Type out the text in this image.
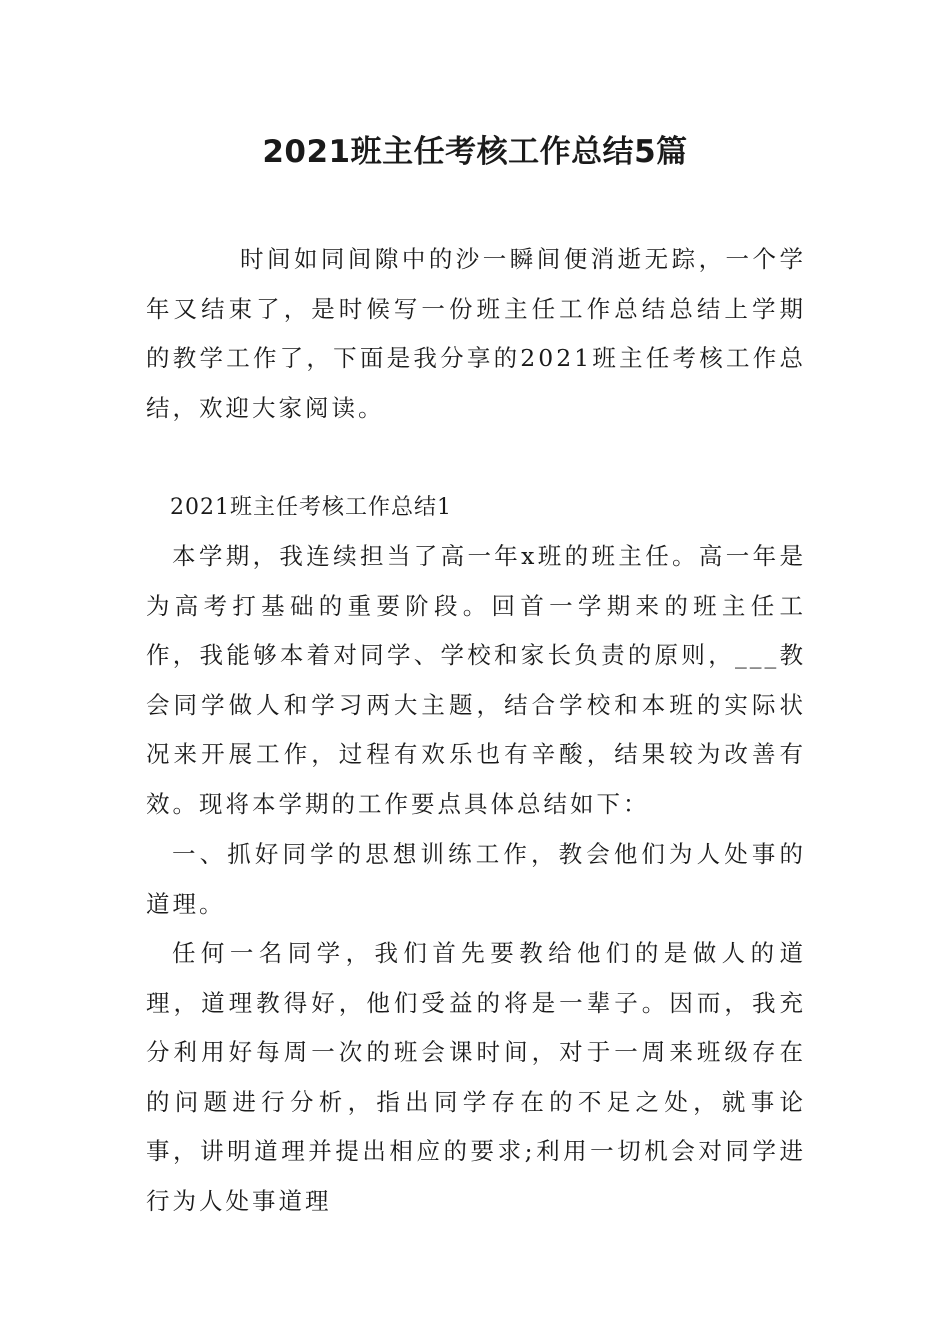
2021班主任考核工作总结5篇

时间如同间隙中的沙一瞬间便消逝无踪，一个学年又结束了，是时候写一份班主任工作总结总结上学期的教学工作了，下面是我分享的2021班主任考核工作总结，欢迎大家阅读。

2021班主任考核工作总结1

本学期，我连续担当了高一年x班的班主任。高一年是为高考打基础的重要阶段。回首一学期来的班主任工作，我能够本着对同学、学校和家长负责的原则，___教会同学做人和学习两大主题，结合学校和本班的实际状况来开展工作，过程有欢乐也有辛酸，结果较为改善有效。现将本学期的工作要点具体总结如下：

一、抓好同学的思想训练工作，教会他们为人处事的道理。

任何一名同学，我们首先要教给他们的是做人的道理，道理教得好，他们受益的将是一辈子。因而，我充分利用好每周一次的班会课时间，对于一周来班级存在的问题进行分析，指出同学存在的不足之处，就事论事，讲明道理并提出相应的要求;利用一切机会对同学进行为人处事道理
